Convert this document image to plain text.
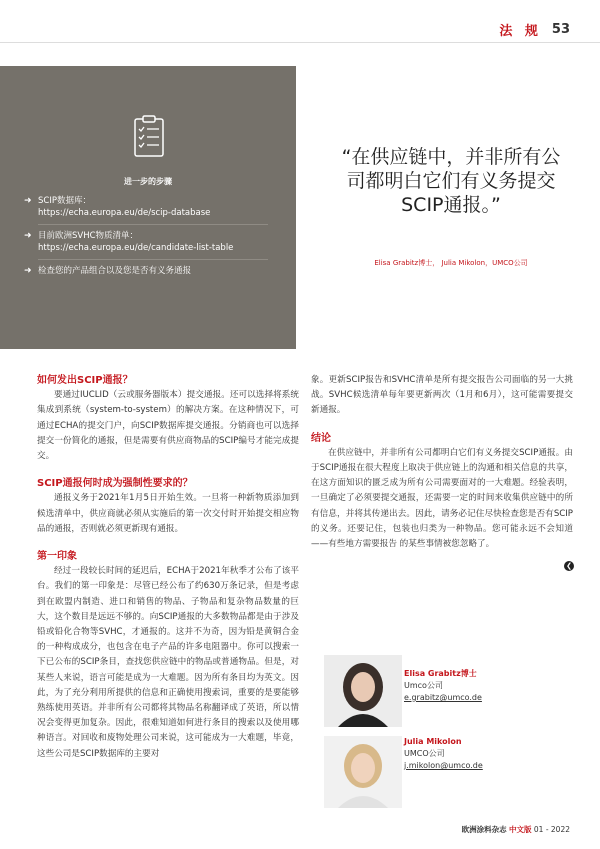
法 规 53
进一步的步骤
➜ SCIP数据库：
https://echa.europa.eu/de/scip-database
➜ 目前欧洲SVHC物质清单：
https://echa.europa.eu/de/candidate-list-table
➜ 检查您的产品组合以及您是否有义务通报
“在供应链中，并非所有公
司都明白它们有义务提交
SCIP通报。”
Elisa Grabitz博士， Julia Mikolon，UMCO公司
如何发出SCIP通报？

要通过IUCLID（云或服务器版本）提交通报。还可以选择将系统集成到系统（system-to-system）的解决方案。在这种情况下，可通过ECHA的提交门户，向SCIP数据库提交通报。分销商也可以选择提交一份简化的通报，但是需要有供应商物品的SCIP编号才能完成提交。

SCIP通报何时成为强制性要求的？

通报义务于2021年1月5日开始生效。一旦将一种新物质添加到候选清单中，供应商就必须从实施后的第一次交付时开始提交相应物品的通报，否则就必须更新现有通报。

第一印象

经过一段较长时间的延迟后，ECHA于2021年秋季才公布了该平台。我们的第一印象是：尽管已经公布了约630万条记录，但是考虑到在欧盟内制造、进口和销售的物品、子物品和复杂物品数量的巨大，这个数目是远远不够的。向SCIP通报的大多数物品都是由于涉及铅或铅化合物等SVHC，才通报的。这并不为奇，因为铅是黄铜合金的一种构成成分，也包含在电子产品的许多电阻器中。你可以搜索一下已公布的SCIP条目，查找您供应链中的物品或普通物品。但是，对某些人来说，语言可能是成为一大难题。因为所有条目均为英文。因此，为了充分利用所提供的信息和正确使用搜索词，重要的是要能够熟练使用英语。并非所有公司都将其物品名称翻译成了英语，所以情况会变得更加复杂。因此，很难知道如何进行条目的搜索以及使用哪种语言。对回收和废物处理公司来说，这可能成为一大难题，毕竟，这些公司是SCIP数据库的主要对

象。更新SCIP报告和SVHC清单是所有提交报告公司面临的另一大挑战。SVHC候选清单每年要更新两次（1月和6月），这可能需要提交新通报。

结论

在供应链中，并非所有公司都明白它们有义务提交SCIP通报。由于SCIP通报在很大程度上取决于供应链上的沟通和相关信息的共享，在这方面知识的匮乏成为所有公司需要面对的一大难题。经验表明，一旦确定了必须要提交通报，还需要一定的时间来收集供应链中的所有信息，并将其传递出去。因此，请务必记住尽快检查您是否有SCIP的义务。还要记住，包装也归类为一种物品。您可能永远不会知道——有些地方需要报告 的某些事情被您忽略了。

❮
Elisa Grabitz博士
Umco公司
e.grabitz@umco.de
Julia Mikolon
UMCO公司
j.mikolon@umco.de
欧洲涂料杂志 中文版 01 - 2022
